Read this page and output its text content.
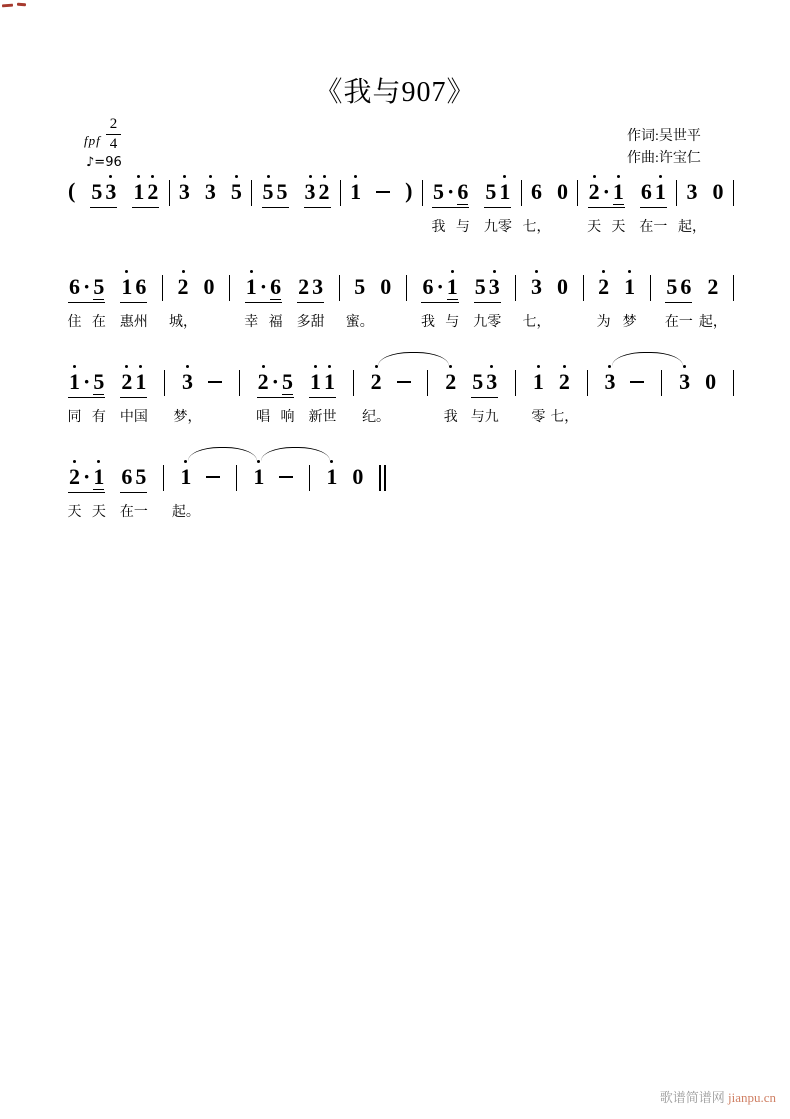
《我与907》
作词:吴世平
作曲:许宝仁
fpf $\frac{2}{4}$
♪=96
( 5 3 1 2 3 3 5 5 5 3 2 1 ) 5 · 6 5 1 6 0 2 · 1 6 1 3 0
我 与 九 零 七，	天 天 在 一 起，
6 · 5 1 6 2 0 1 · 6 2 3 5 0 6 · 1 5 3 3 0 2 1 5 6 2
住 在 惠 州 城，	幸 福 多 甜 蜜。	我 与 九 零 七，	为 梦 在 一 起，
1 · 5 2 1 3	2 · 5 1 1 2	2 5 3 1 2 3	3 0
同 有 中 国 梦，	唱 响 新 世 纪。	我 与 九 零 七，
2 · 1 6 5 1	1	1 0
天 天 在 一 起。
歌谱简谱网 jianpu.cn
